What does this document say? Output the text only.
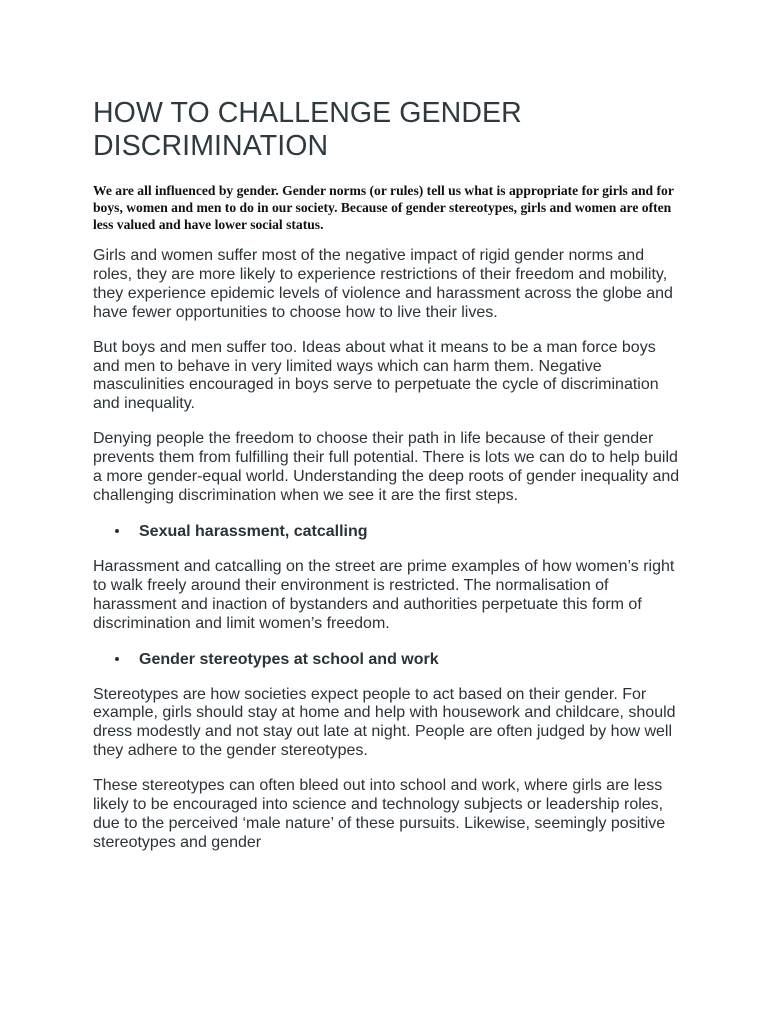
HOW TO CHALLENGE GENDER
DISCRIMINATION

We are all influenced by gender. Gender norms (or rules) tell us what is appropriate for girls and for boys, women and men to do in our society. Because of gender stereotypes, girls and women are often less valued and have lower social status.

Girls and women suffer most of the negative impact of rigid gender norms and roles, they are more likely to experience restrictions of their freedom and mobility, they experience epidemic levels of violence and harassment across the globe and have fewer opportunities to choose how to live their lives.

But boys and men suffer too. Ideas about what it means to be a man force boys and men to behave in very limited ways which can harm them. Negative masculinities encouraged in boys serve to perpetuate the cycle of discrimination and inequality.

Denying people the freedom to choose their path in life because of their gender prevents them from fulfilling their full potential. There is lots we can do to help build a more gender-equal world. Understanding the deep roots of gender inequality and challenging discrimination when we see it are the first steps.

Sexual harassment, catcalling

Harassment and catcalling on the street are prime examples of how women’s right to walk freely around their environment is restricted. The normalisation of harassment and inaction of bystanders and authorities perpetuate this form of discrimination and limit women’s freedom.

Gender stereotypes at school and work

Stereotypes are how societies expect people to act based on their gender. For example, girls should stay at home and help with housework and childcare, should dress modestly and not stay out late at night. People are often judged by how well they adhere to the gender stereotypes.

These stereotypes can often bleed out into school and work, where girls are less likely to be encouraged into science and technology subjects or leadership roles, due to the perceived ‘male nature’ of these pursuits. Likewise, seemingly positive stereotypes and gender
